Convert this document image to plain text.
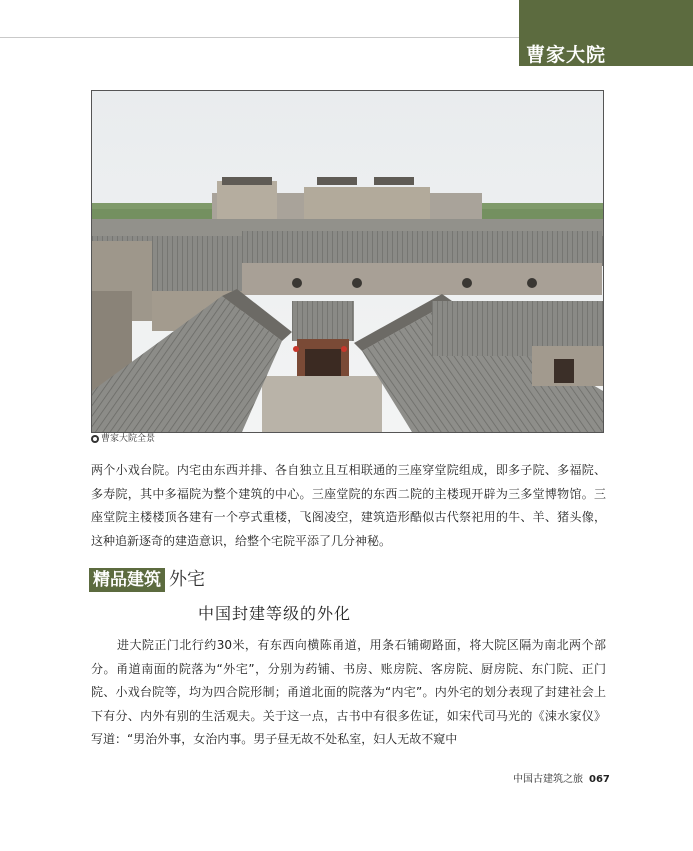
曹家大院
曹家大院全景

两个小戏台院。内宅由东西并排、各自独立且互相联通的三座穿堂院组成，即多子院、多福院、多寿院，其中多福院为整个建筑的中心。三座堂院的东西二院的主楼现开辟为三多堂博物馆。三座堂院主楼楼顶各建有一个亭式重楼，飞阁凌空，建筑造形酷似古代祭祀用的牛、羊、猪头像，这种追新逐奇的建造意识，给整个宅院平添了几分神秘。

精品建筑 外宅
中国封建等级的外化

进大院正门北行约30米，有东西向横陈甬道，用条石铺砌路面，将大院区隔为南北两个部分。甬道南面的院落为“外宅”，分别为药铺、书房、账房院、客房院、厨房院、东门院、正门院、小戏台院等，均为四合院形制；甬道北面的院落为“内宅”。内外宅的划分表现了封建社会上下有分、内外有别的生活观夫。关于这一点，古书中有很多佐证，如宋代司马光的《涑水家仪》写道：“男治外事，女治内事。男子昼无故不处私室，妇人无故不窥中

中国古建筑之旅 067
